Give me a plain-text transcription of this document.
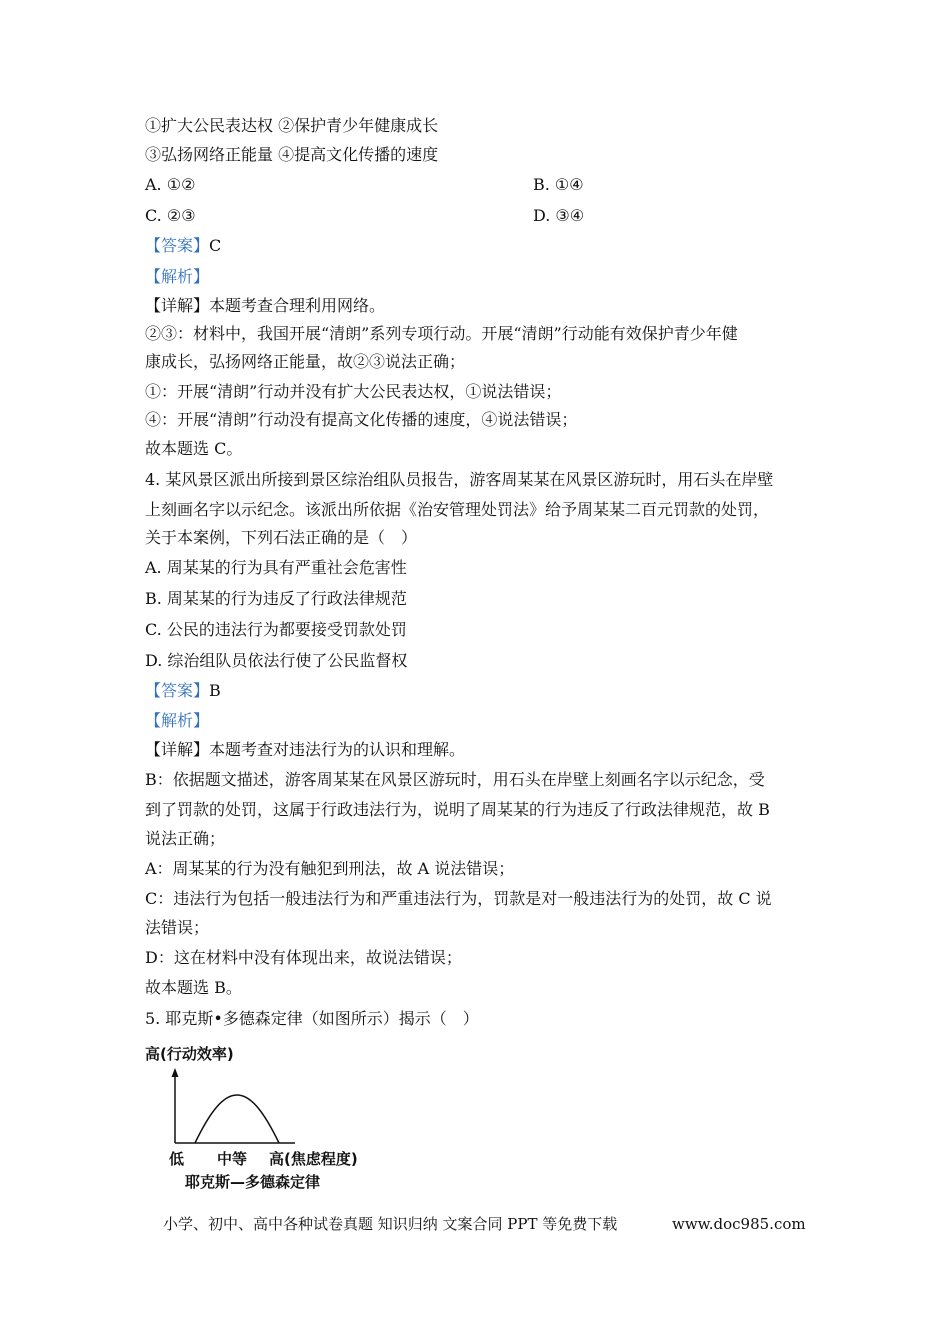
①扩大公民表达权 ②保护青少年健康成长
③弘扬网络正能量 ④提高文化传播的速度
A. ①②	B. ①④
C. ②③	D. ③④
【答案】C
【解析】
【详解】本题考查合理利用网络。
②③：材料中，我国开展“清朗”系列专项行动。开展“清朗”行动能有效保护青少年健
康成长，弘扬网络正能量，故②③说法正确；
①：开展“清朗”行动并没有扩大公民表达权，①说法错误；
④：开展“清朗”行动没有提高文化传播的速度，④说法错误；
故本题选 C。
4. 某风景区派出所接到景区综治组队员报告，游客周某某在风景区游玩时，用石头在岸壁
上刻画名字以示纪念。该派出所依据《治安管理处罚法》给予周某某二百元罚款的处罚，
关于本案例，下列石法正确的是（　）
A. 周某某的行为具有严重社会危害性
B. 周某某的行为违反了行政法律规范
C. 公民的违法行为都要接受罚款处罚
D. 综治组队员依法行使了公民监督权
【答案】B
【解析】
【详解】本题考查对违法行为的认识和理解。
B：依据题文描述，游客周某某在风景区游玩时，用石头在岸壁上刻画名字以示纪念，受
到了罚款的处罚，这属于行政违法行为，说明了周某某的行为违反了行政法律规范，故 B
说法正确；
A：周某某的行为没有触犯到刑法，故 A 说法错误；
C：违法行为包括一般违法行为和严重违法行为，罚款是对一般违法行为的处罚，故 C 说
法错误；
D：这在材料中没有体现出来，故说法错误；
故本题选 B。
5. 耶克斯•多德森定律（如图所示）揭示（　）
高(行动效率)
低 中等 高(焦虑程度)
耶克斯—多德森定律
小学、初中、高中各种试卷真题 知识归纳 文案合同 PPT 等免费下载	www.doc985.com
